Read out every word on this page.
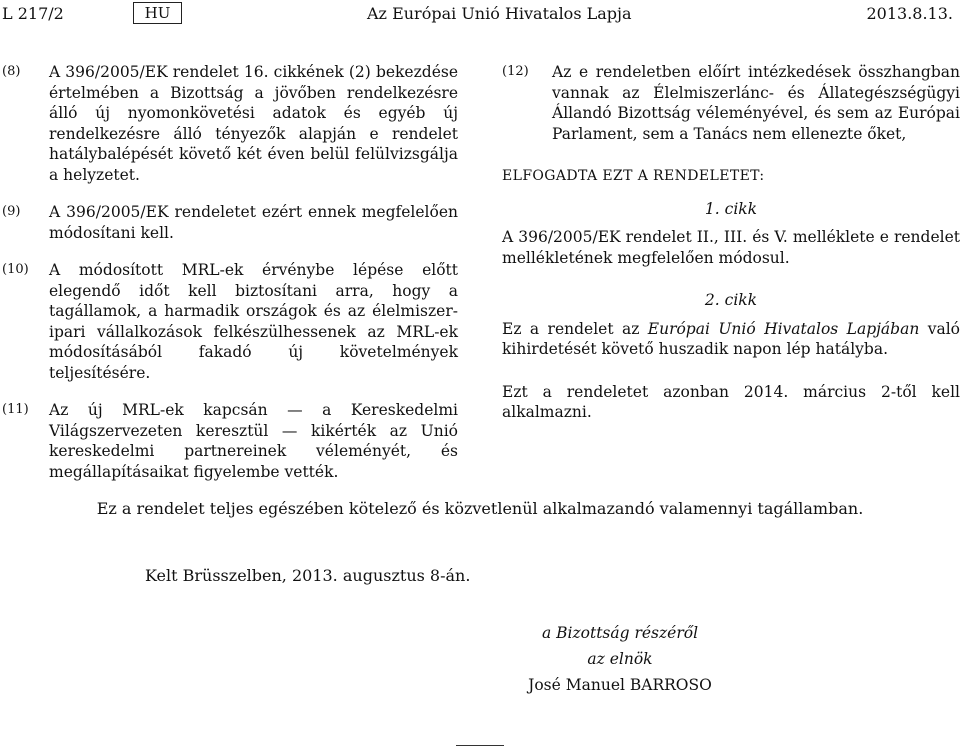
L 217/2	HU	Az Európai Unió Hivatalos Lapja	2013.8.13.
(8) A 396/2005/EK rendelet 16. cikkének (2) bekezdése értelmében a Bizottság a jövőben rendelkezésre álló új nyomonkövetési adatok és egyéb új rendelkezésre álló tényezők alapján e rendelet hatálybalépését követő két éven belül felülvizsgálja a helyzetet.
(9) A 396/2005/EK rendeletet ezért ennek megfelelően módosítani kell.
(10) A módosított MRL-ek érvénybe lépése előtt elegendő időt kell biztosítani arra, hogy a tagállamok, a harmadik országok és az élelmiszer-ipari vállalkozások felkészülhessenek az MRL-ek módosításából fakadó új követelmények teljesítésére.
(11) Az új MRL-ek kapcsán — a Kereskedelmi Világszervezeten keresztül — kikérték az Unió kereskedelmi partnereinek véleményét, és megállapításaikat figyelembe vették.
(12) Az e rendeletben előírt intézkedések összhangban vannak az Élelmiszerlánc- és Állategészségügyi Állandó Bizottság véleményével, és sem az Európai Parlament, sem a Tanács nem ellenezte őket,
ELFOGADTA EZT A RENDELETET:
1. cikk
A 396/2005/EK rendelet II., III. és V. melléklete e rendelet mellékletének megfelelően módosul.
2. cikk
Ez a rendelet az Európai Unió Hivatalos Lapjában való kihirdetését követő huszadik napon lép hatályba.
Ezt a rendeletet azonban 2014. március 2-től kell alkalmazni.
Ez a rendelet teljes egészében kötelező és közvetlenül alkalmazandó valamennyi tagállamban.
Kelt Brüsszelben, 2013. augusztus 8-án.
a Bizottság részéről
az elnök
José Manuel BARROSO
